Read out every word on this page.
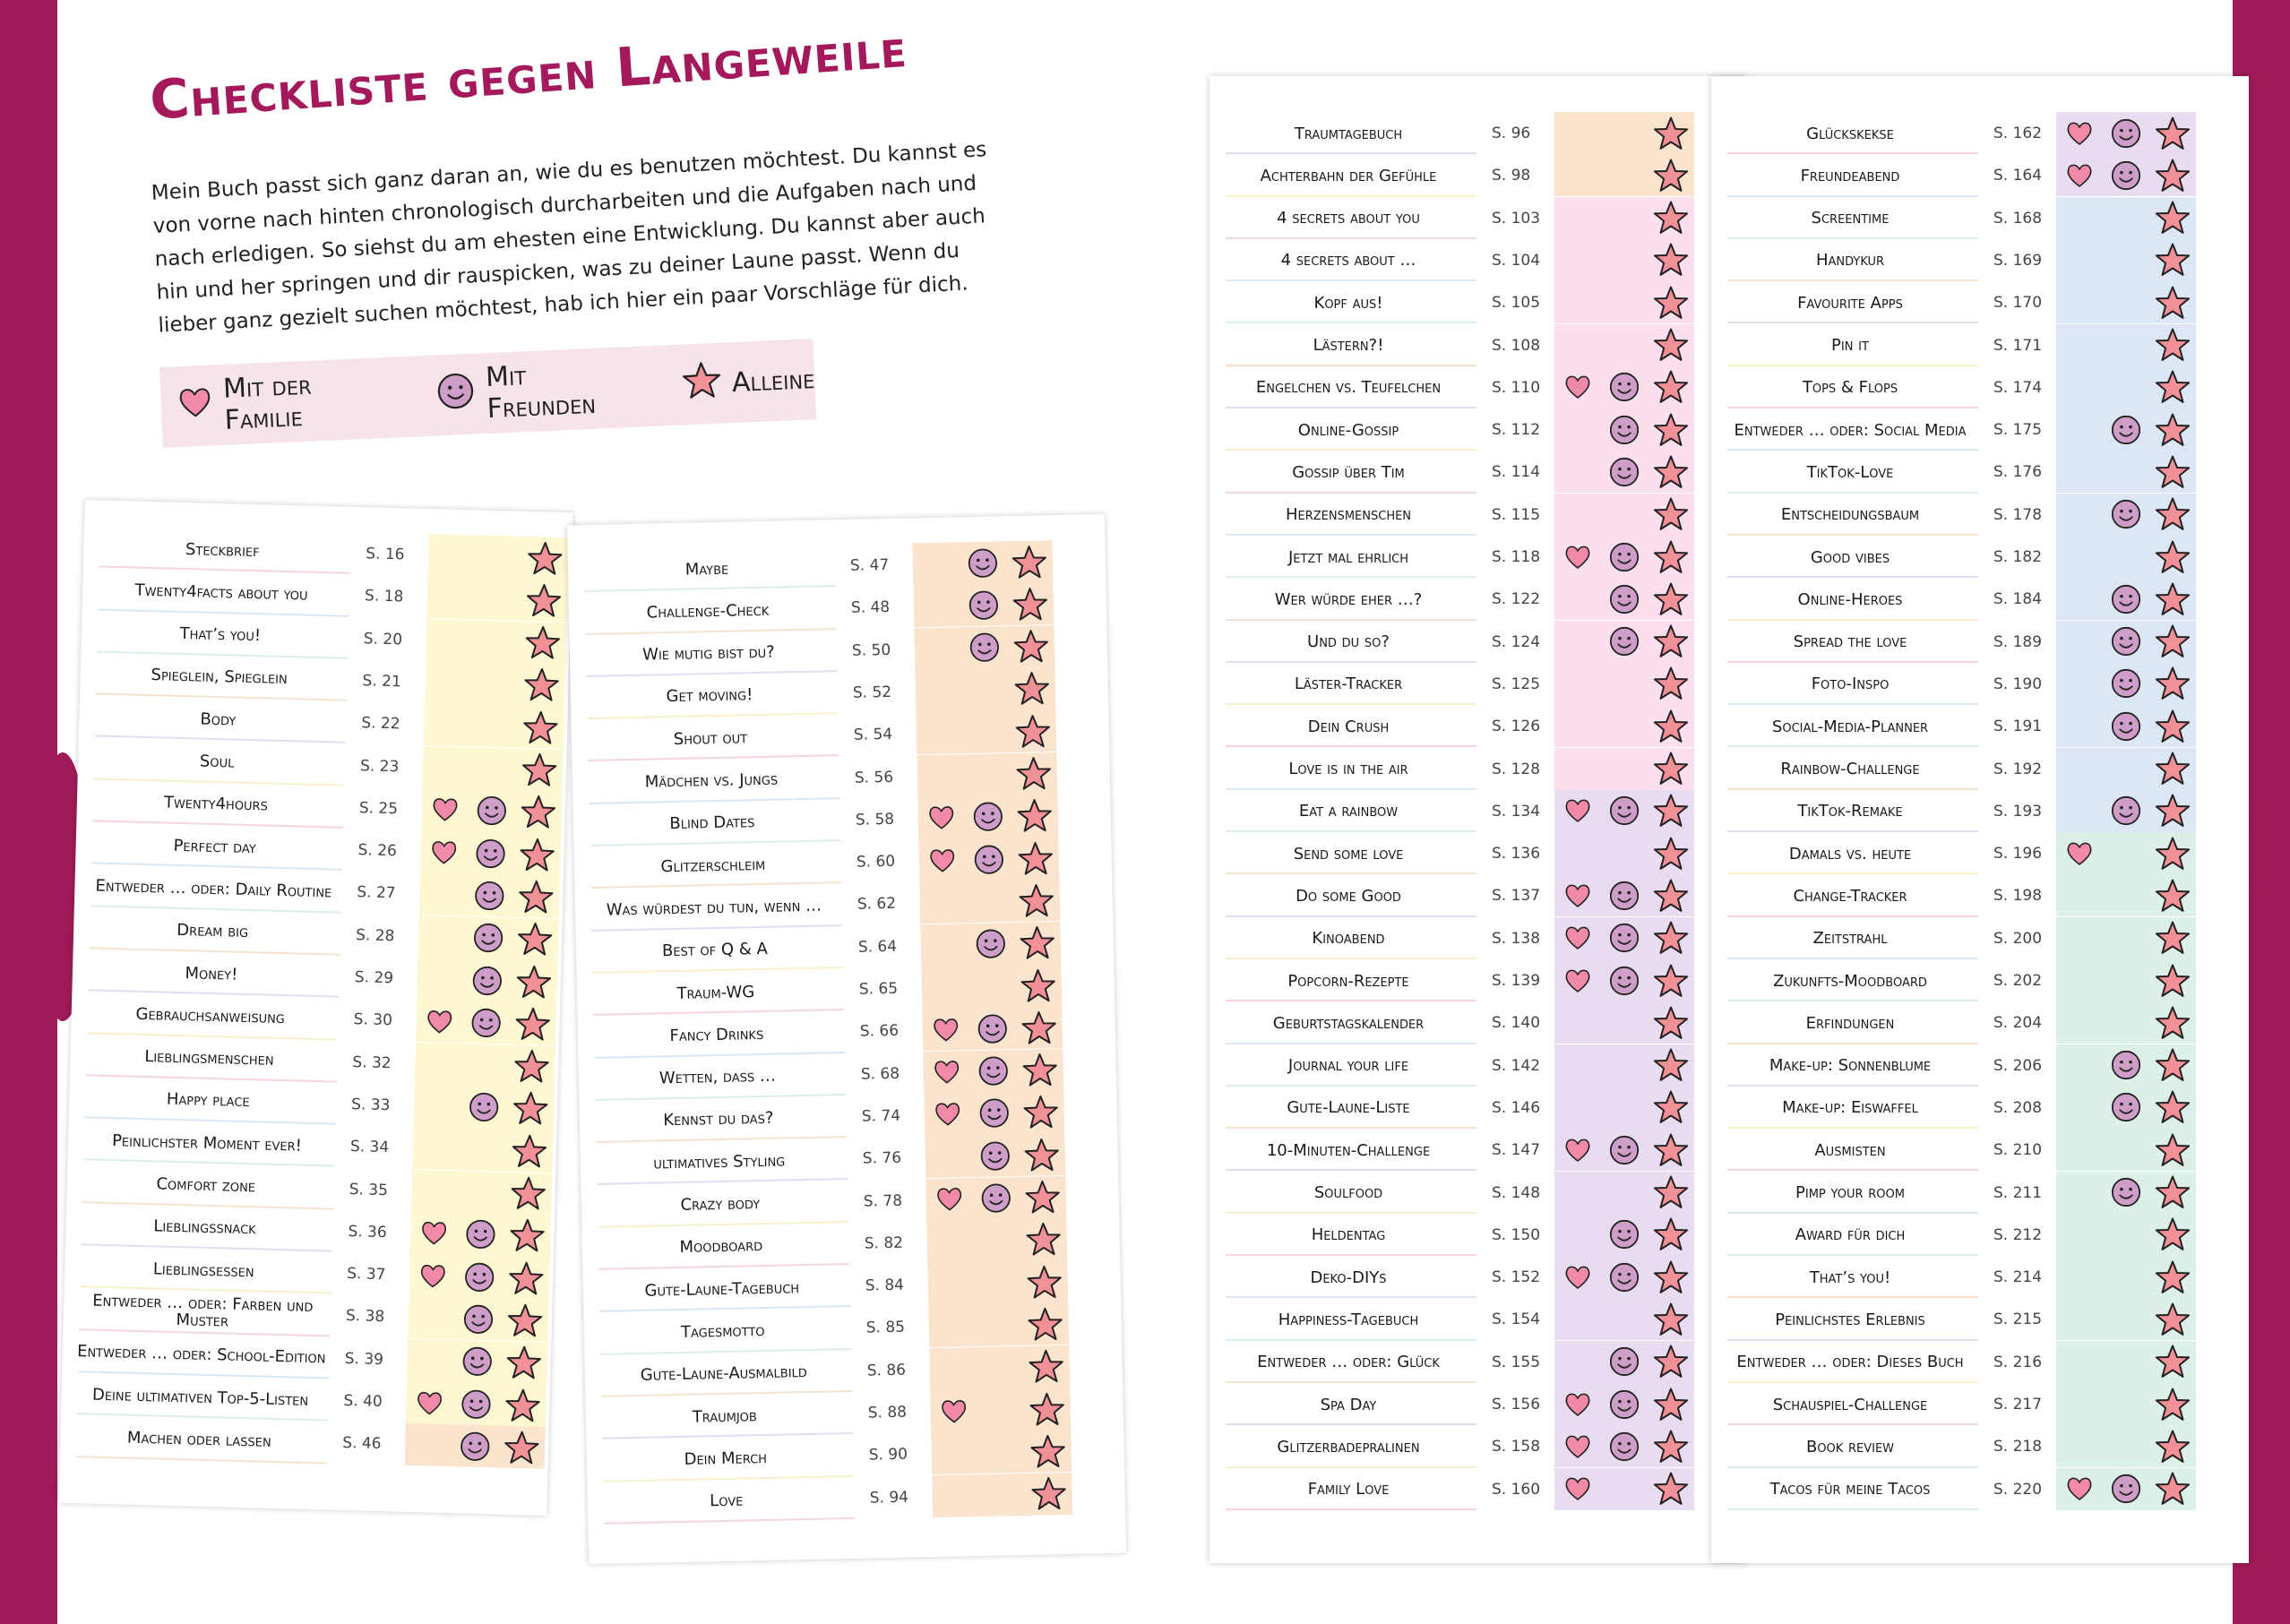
Checkliste gegen Langeweile

Mein Buch passt sich ganz daran an, wie du es benutzen möchtest. Du kannst es von vorne nach hinten chronologisch durcharbeiten und die Aufgaben nach und nach erledigen. So siehst du am ehesten eine Entwicklung. Du kannst aber auch hin und her springen und dir rauspicken, was zu deiner Laune passt. Wenn du lieber ganz gezielt suchen möchtest, hab ich hier ein paar Vorschläge für dich.

Mit der Familie
Mit Freunden
Alleine
Steckbrief	S. 16
Twenty4facts about you	S. 18
That’s you!	S. 20
Spieglein, Spieglein	S. 21
Body	S. 22
Soul	S. 23
Twenty4hours	S. 25
Perfect day	S. 26
Entweder … oder: Daily Routine	S. 27
Dream big	S. 28
Money!	S. 29
Gebrauchsanweisung	S. 30
Lieblingsmenschen	S. 32
Happy place	S. 33
Peinlichster Moment ever!	S. 34
Comfort zone	S. 35
Lieblingssnack	S. 36
Lieblingsessen	S. 37
Entweder … oder: Farben und Muster	S. 38
Entweder … oder: School-Edition	S. 39
Deine ultimativen Top-5-Listen	S. 40
Machen oder lassen	S. 46
Maybe	S. 47
Challenge-Check	S. 48
Wie mutig bist du?	S. 50
Get moving!	S. 52
Shout out	S. 54
Mädchen vs. Jungs	S. 56
Blind Dates	S. 58
Glitzerschleim	S. 60
Was würdest du tun, wenn …	S. 62
Best of Q & A	S. 64
Traum-WG	S. 65
Fancy Drinks	S. 66
Wetten, dass …	S. 68
Kennst du das?	S. 74
ultimatives Styling	S. 76
Crazy body	S. 78
Moodboard	S. 82
Gute-Laune-Tagebuch	S. 84
Tagesmotto	S. 85
Gute-Laune-Ausmalbild	S. 86
Traumjob	S. 88
Dein Merch	S. 90
Love	S. 94
Traumtagebuch	S. 96
Achterbahn der Gefühle	S. 98
4 secrets about you	S. 103
4 secrets about …	S. 104
Kopf aus!	S. 105
Lästern?!	S. 108
Engelchen vs. Teufelchen	S. 110
Online-Gossip	S. 112
Gossip über Tim	S. 114
Herzensmenschen	S. 115
Jetzt mal ehrlich	S. 118
Wer würde eher …?	S. 122
Und du so?	S. 124
Läster-Tracker	S. 125
Dein Crush	S. 126
Love is in the air	S. 128
Eat a rainbow	S. 134
Send some love	S. 136
Do some Good	S. 137
Kinoabend	S. 138
Popcorn-Rezepte	S. 139
Geburtstagskalender	S. 140
Journal your life	S. 142
Gute-Laune-Liste	S. 146
10-Minuten-Challenge	S. 147
Soulfood	S. 148
Heldentag	S. 150
Deko-DIYs	S. 152
Happiness-Tagebuch	S. 154
Entweder … oder: Glück	S. 155
Spa Day	S. 156
Glitzerbadepralinen	S. 158
Family Love	S. 160
Glückskekse	S. 162
Freundeabend	S. 164
Screentime	S. 168
Handykur	S. 169
Favourite Apps	S. 170
Pin it	S. 171
Tops & Flops	S. 174
Entweder … oder: Social Media	S. 175
TikTok-Love	S. 176
Entscheidungsbaum	S. 178
Good vibes	S. 182
Online-Heroes	S. 184
Spread the love	S. 189
Foto-Inspo	S. 190
Social-Media-Planner	S. 191
Rainbow-Challenge	S. 192
TikTok-Remake	S. 193
Damals vs. heute	S. 196
Change-Tracker	S. 198
Zeitstrahl	S. 200
Zukunfts-Moodboard	S. 202
Erfindungen	S. 204
Make-up: Sonnenblume	S. 206
Make-up: Eiswaffel	S. 208
Ausmisten	S. 210
Pimp your room	S. 211
Award für dich	S. 212
That’s you!	S. 214
Peinlichstes Erlebnis	S. 215
Entweder … oder: Dieses Buch	S. 216
Schauspiel-Challenge	S. 217
Book review	S. 218
Tacos für meine Tacos	S. 220
